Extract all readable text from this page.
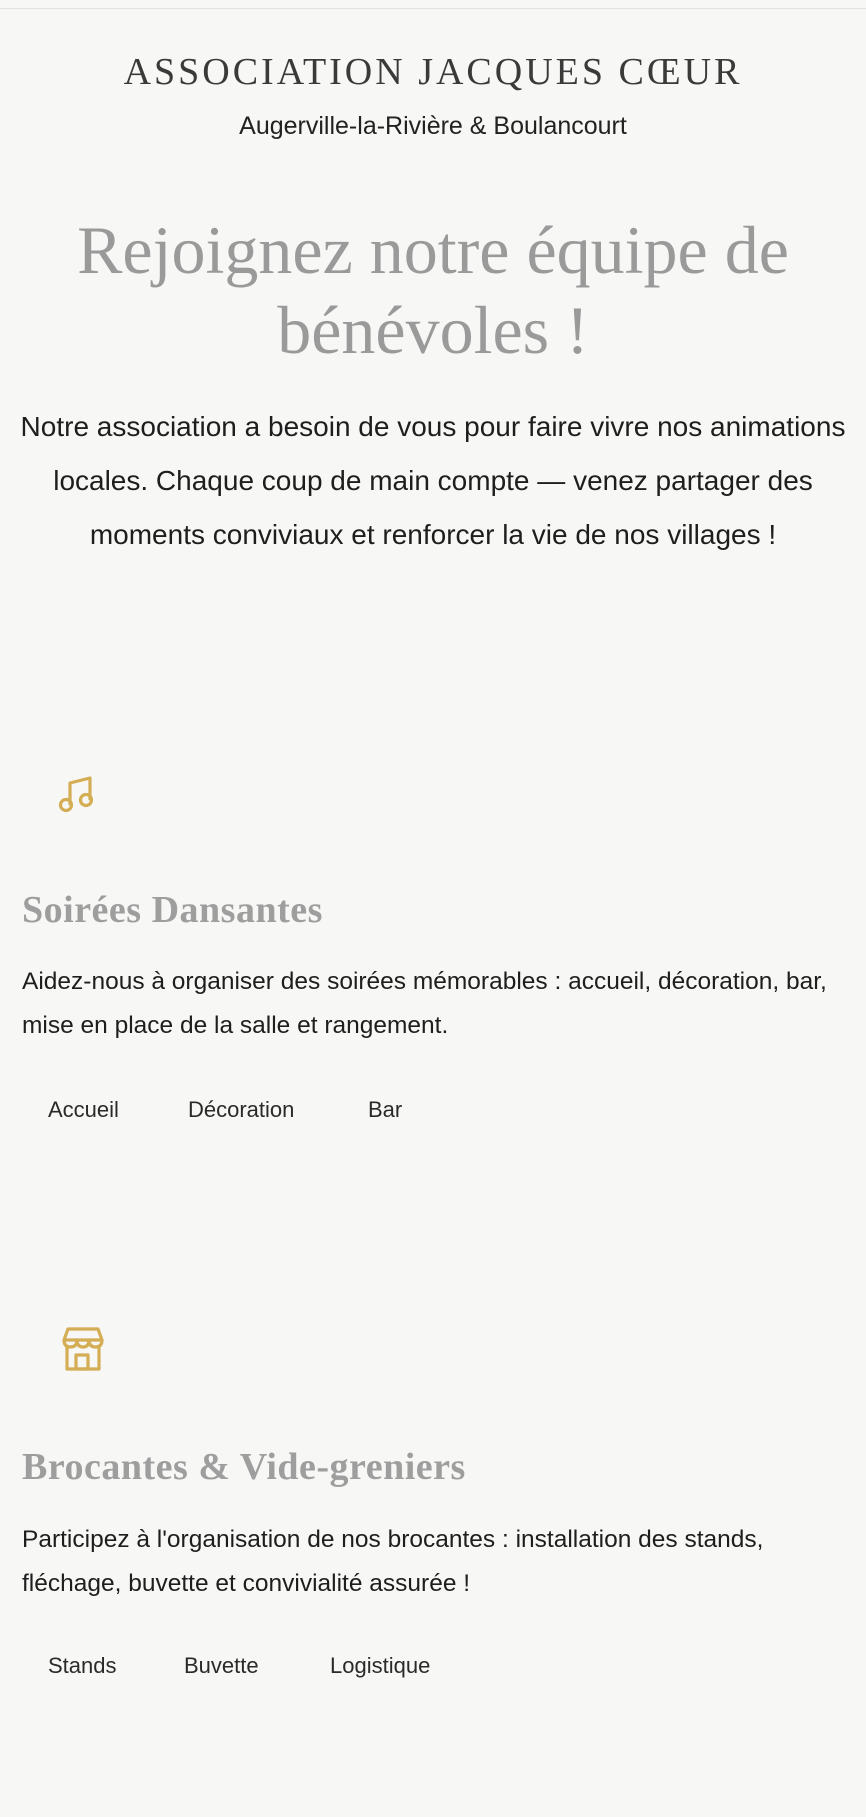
ASSOCIATION JACQUES CŒUR
Augerville-la-Rivière & Boulancourt
Rejoignez notre équipe de bénévoles !

Notre association a besoin de vous pour faire vivre nos animations locales. Chaque coup de main compte — venez partager des moments conviviaux et renforcer la vie de nos villages !

Soirées Dansantes

Aidez-nous à organiser des soirées mémorables : accueil, décoration, bar, mise en place de la salle et rangement.

Accueil	Décoration	Bar
Brocantes & Vide-greniers

Participez à l'organisation de nos brocantes : installation des stands, fléchage, buvette et convivialité assurée !

Stands	Buvette	Logistique
